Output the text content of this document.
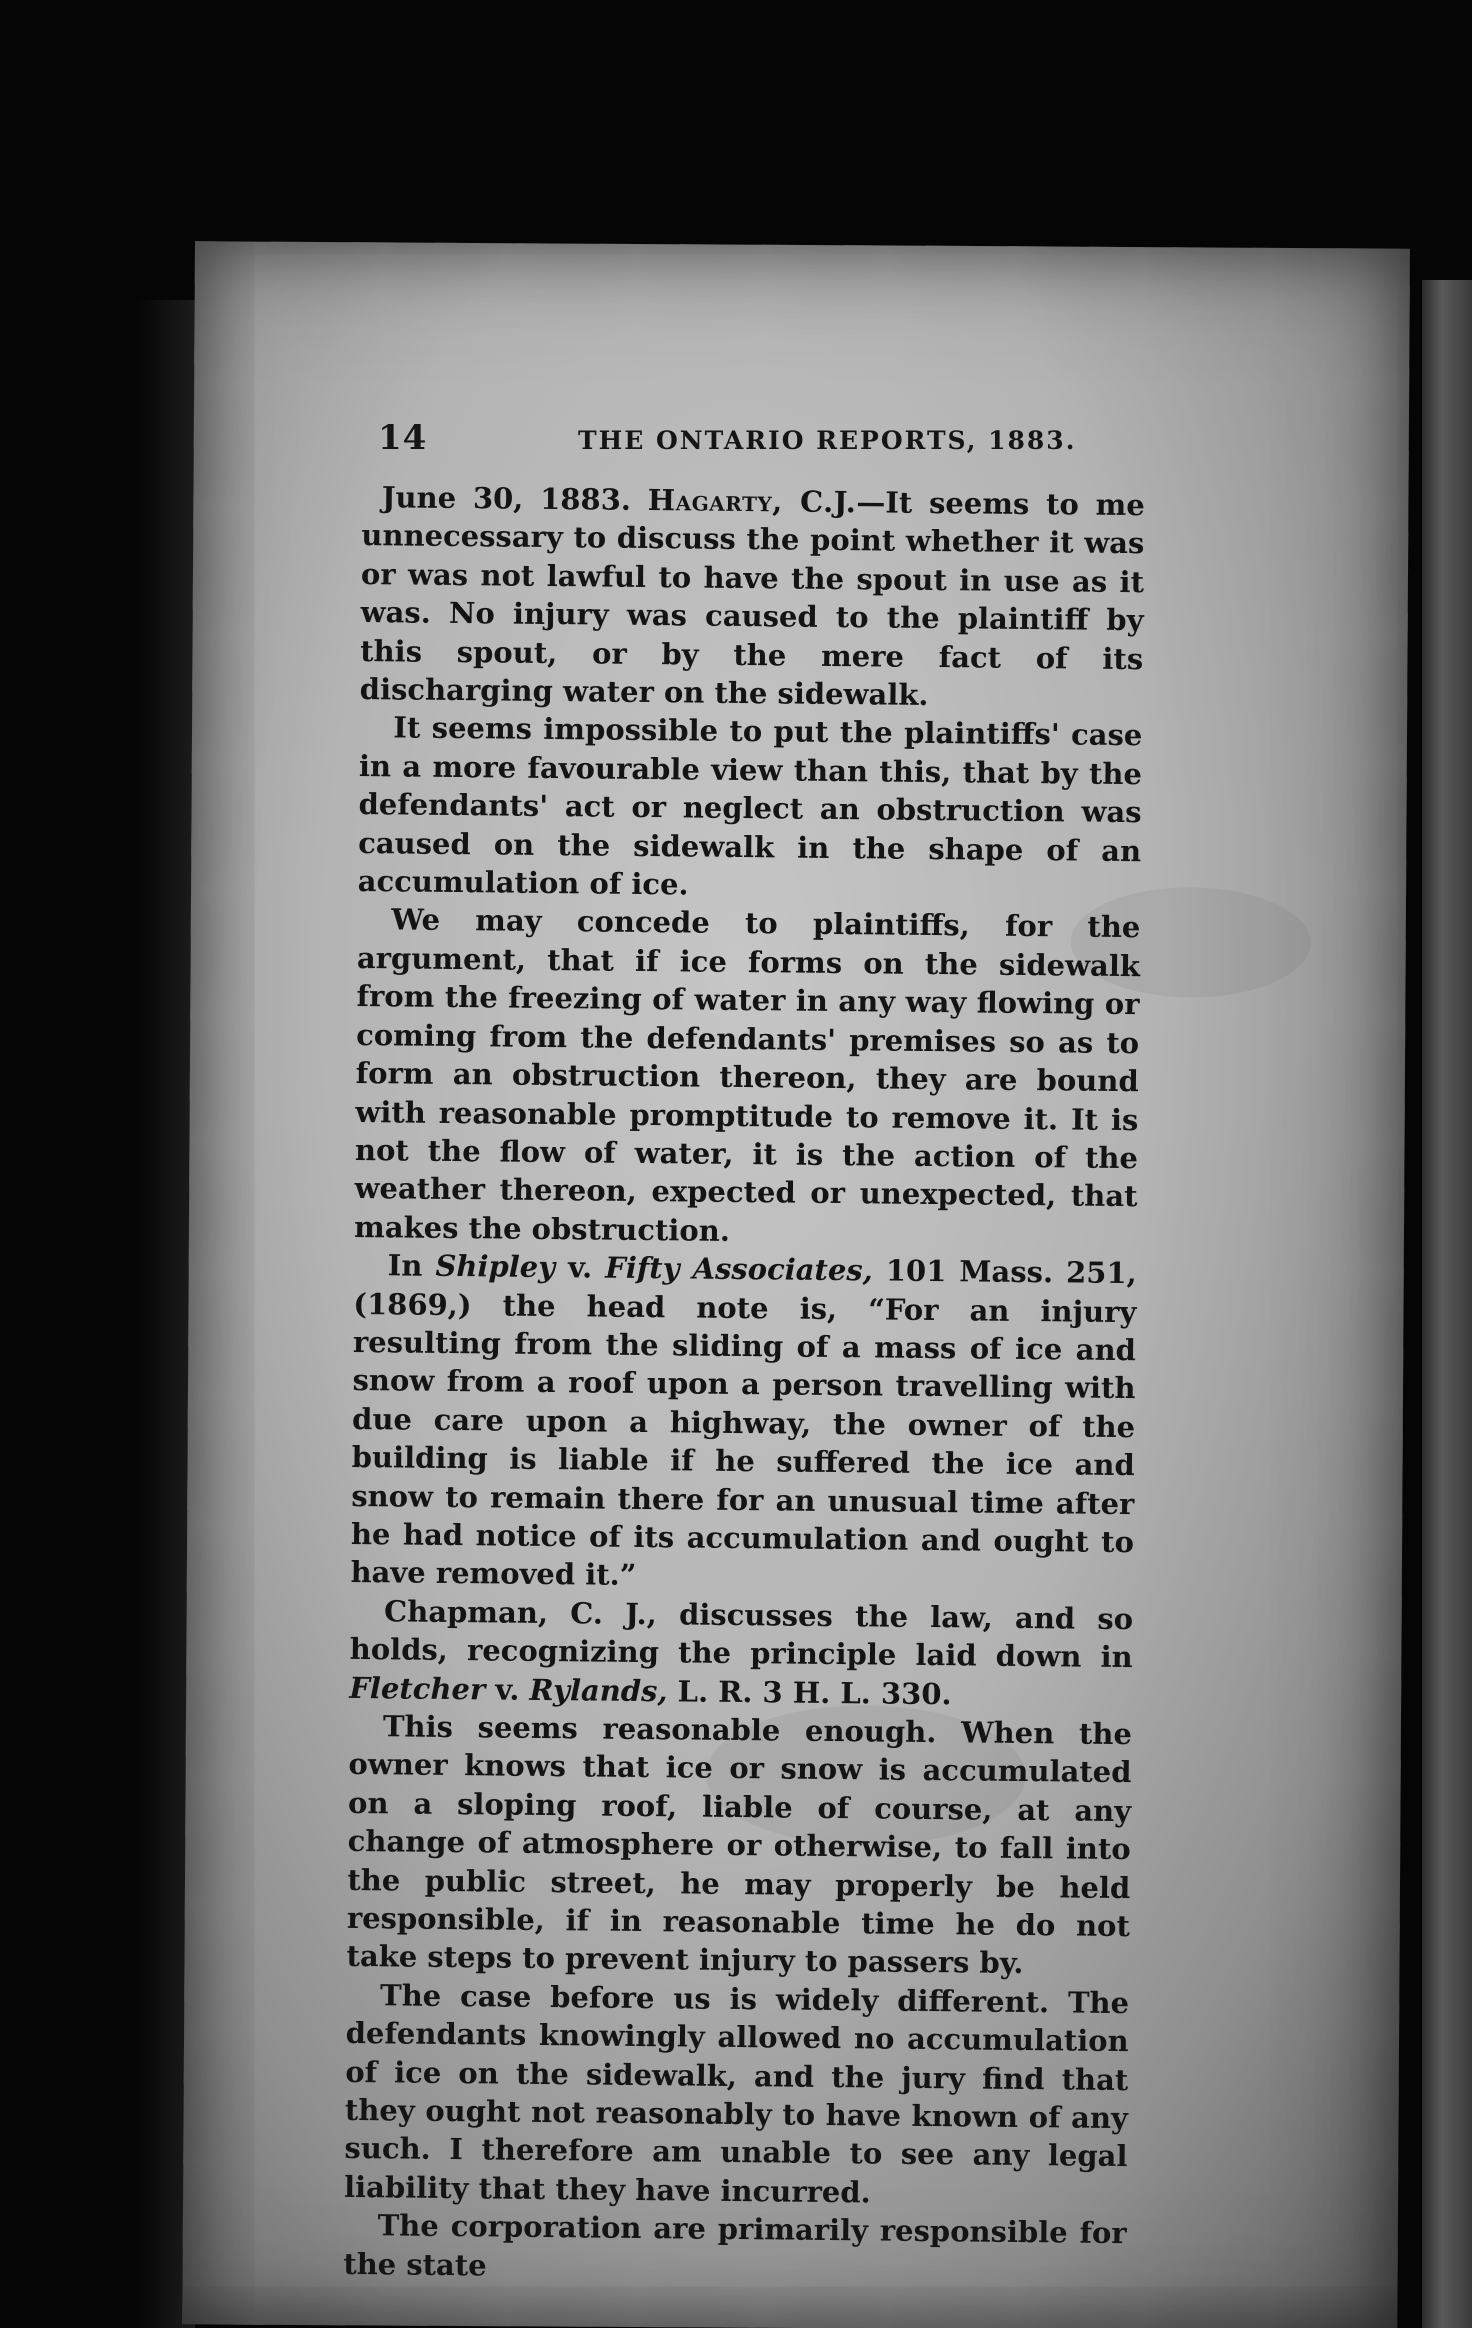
14	THE ONTARIO REPORTS, 1883.

June 30, 1883. Hagarty, C.J.—It seems to me unnecessary to discuss the point whether it was or was not lawful to have the spout in use as it was. No injury was caused to the plaintiff by this spout, or by the mere fact of its discharging water on the sidewalk.

It seems impossible to put the plaintiffs' case in a more favourable view than this, that by the defendants' act or neglect an obstruction was caused on the sidewalk in the shape of an accumulation of ice.

We may concede to plaintiffs, for the argument, that if ice forms on the sidewalk from the freezing of water in any way flowing or coming from the defendants' premises so as to form an obstruction thereon, they are bound with reasonable promptitude to remove it. It is not the flow of water, it is the action of the weather thereon, expected or unexpected, that makes the obstruction.

In Shipley v. Fifty Associates, 101 Mass. 251, (1869,) the head note is, “For an injury resulting from the sliding of a mass of ice and snow from a roof upon a person travelling with due care upon a highway, the owner of the building is liable if he suffered the ice and snow to remain there for an unusual time after he had notice of its accumulation and ought to have removed it.”

Chapman, C. J., discusses the law, and so holds, recognizing the principle laid down in Fletcher v. Rylands, L. R. 3 H. L. 330.

This seems reasonable enough. When the owner knows that ice or snow is accumulated on a sloping roof, liable of course, at any change of atmosphere or otherwise, to fall into the public street, he may properly be held responsible, if in reasonable time he do not take steps to prevent injury to passers by.

The case before us is widely different. The defendants knowingly allowed no accumulation of ice on the sidewalk, and the jury find that they ought not reasonably to have known of any such. I therefore am unable to see any legal liability that they have incurred.

The corporation are primarily responsible for the state
